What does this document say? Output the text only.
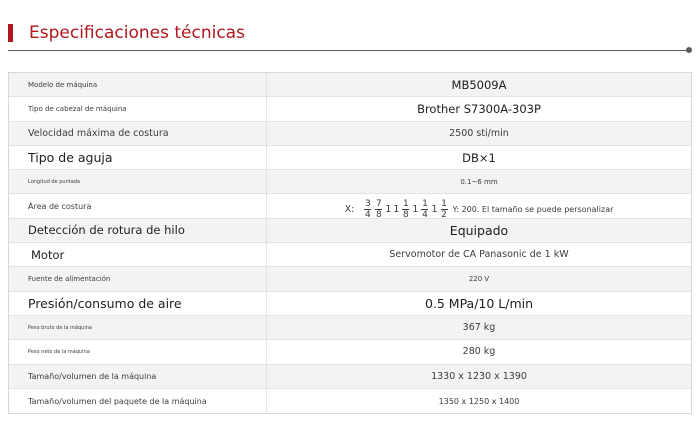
Especificaciones técnicas
Modelo de máquina	MB5009A
Tipo de cabezal de máquina	Brother S7300A-303P
Velocidad máxima de costura	2500 sti/min
Tipo de aguja	DB×1
Longitud de puntada	0.1~6 mm
Área de costura	X: $\frac{3}{4} \frac{7}{8} 1$ $1 \frac{1}{8} 1 \frac{1}{4} 1 \frac{1}{2} Y$: 200. El tamaño se puede personalizar
Detección de rotura de hilo	Equipado
Motor	Servomotor de CA Panasonic de 1 kW
Fuente de alimentación	220 V
Presión/consumo de aire	0.5 MPa/10 L/min
Peso bruto de la máquina	367 kg
Peso neto de la máquina	280 kg
Tamaño/volumen de la máquina	1330 x 1230 x 1390
Tamaño/volumen del paquete de la máquina	1350 x 1250 x 1400
